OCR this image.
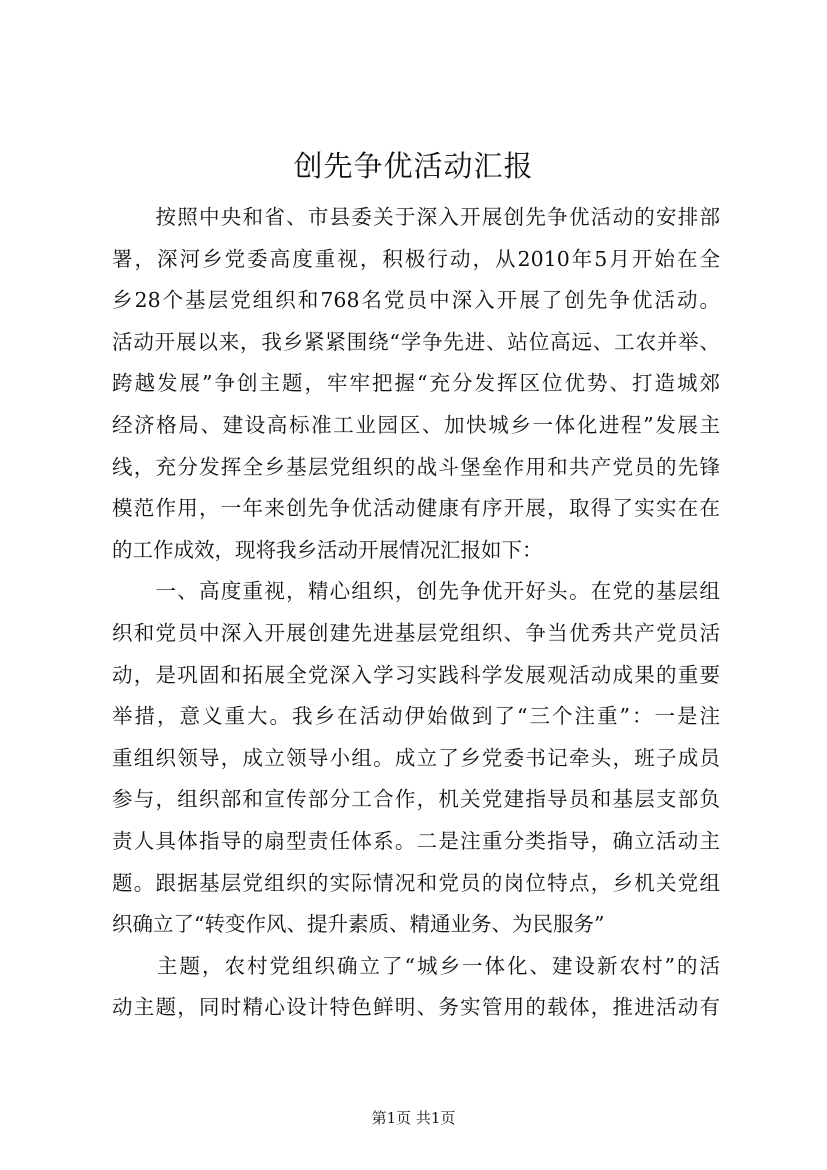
创先争优活动汇报
　　按照中央和省、市县委关于深入开展创先争优活动的安排部
署，深河乡党委高度重视，积极行动，从2010年5月开始在全
乡28个基层党组织和768名党员中深入开展了创先争优活动。
活动开展以来，我乡紧紧围绕“学争先进、站位高远、工农并举、
跨越发展”争创主题，牢牢把握“充分发挥区位优势、打造城郊
经济格局、建设高标准工业园区、加快城乡一体化进程”发展主
线，充分发挥全乡基层党组织的战斗堡垒作用和共产党员的先锋
模范作用，一年来创先争优活动健康有序开展，取得了实实在在
的工作成效，现将我乡活动开展情况汇报如下：
　　一、高度重视，精心组织，创先争优开好头。在党的基层组
织和党员中深入开展创建先进基层党组织、争当优秀共产党员活
动，是巩固和拓展全党深入学习实践科学发展观活动成果的重要
举措，意义重大。我乡在活动伊始做到了“三个注重”：一是注
重组织领导，成立领导小组。成立了乡党委书记牵头，班子成员
参与，组织部和宣传部分工合作，机关党建指导员和基层支部负
责人具体指导的扇型责任体系。二是注重分类指导，确立活动主
题。跟据基层党组织的实际情况和党员的岗位特点，乡机关党组
织确立了“转变作风、提升素质、精通业务、为民服务”
　　主题，农村党组织确立了“城乡一体化、建设新农村”的活
动主题，同时精心设计特色鲜明、务实管用的载体，推进活动有
第1页 共1页
